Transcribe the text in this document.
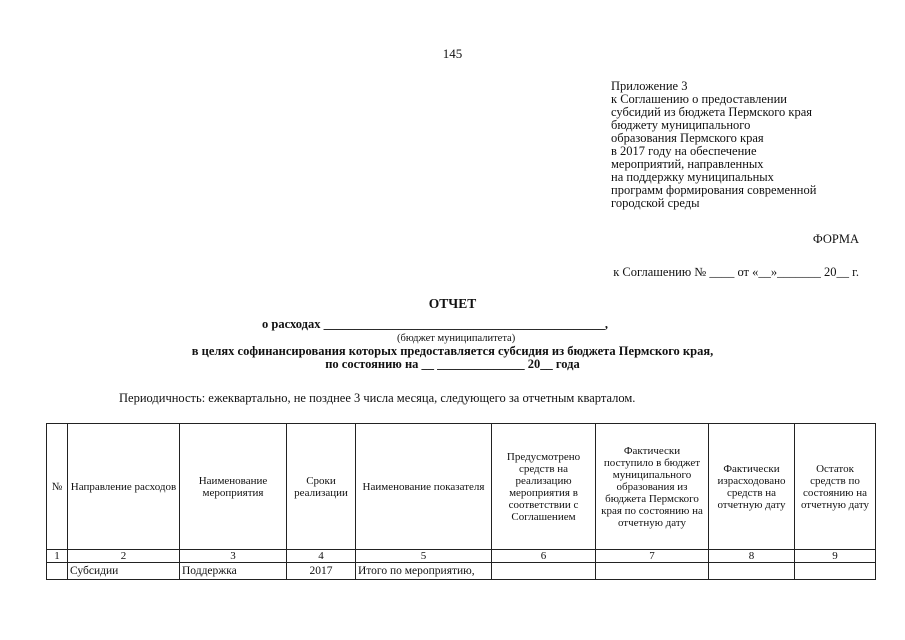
145
Приложение 3
к Соглашению о предоставлении
субсидий из бюджета Пермского края
бюджету муниципального
образования Пермского края
в 2017 году на обеспечение
мероприятий, направленных
на поддержку муниципальных
программ формирования современной
городской среды
ФОРМА
к Соглашению № ____ от «__»_______ 20__ г.
ОТЧЕТ
о расходах _____________________________________________,
(бюджет муниципалитета)
в целях софинансирования которых предоставляется субсидия из бюджета Пермского края,
по состоянию на __ ______________ 20__ года
Периодичность: ежеквартально, не позднее 3 числа месяца, следующего за отчетным кварталом.
№	Направление расходов	Наименование мероприятия	Сроки реализации	Наименование показателя	Предусмотрено средств на реализацию мероприятия в соответствии с Соглашением	Фактически поступило в бюджет муниципального образования из бюджета Пермского края по состоянию на отчетную дату	Фактически израсходовано средств на отчетную дату	Остаток средств по состоянию на отчетную дату
1	2	3	4	5	6	7	8	9
	Субсидии	Поддержка	2017	Итого по мероприятию,				
